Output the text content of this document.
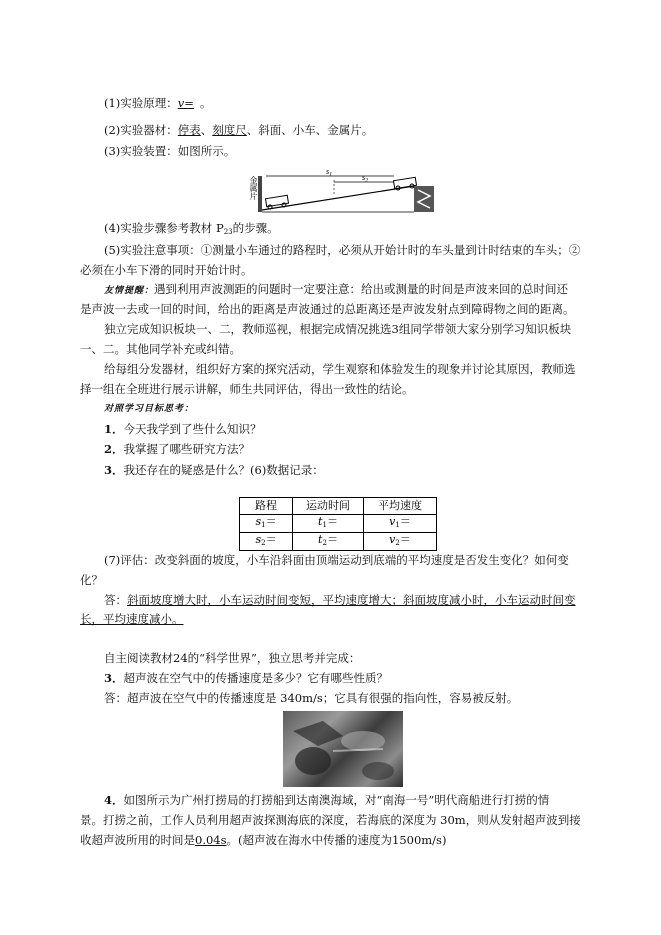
(1)实验原理：v= 。
(2)实验器材：停表、刻度尺、斜面、小车、金属片。
(3)实验装置：如图所示。
$s_1$	$s_2$
金属片
(4)实验步骤参考教材 $P_{23}$的步骤。
(5)实验注意事项：①测量小车通过的路程时，必须从开始计时的车头量到计时结束的车头；②
必须在小车下滑的同时开始计时。
友情提醒：遇到利用声波测距的问题时一定要注意：给出或测量的时间是声波来回的总时间还
是声波一去或一回的时间，给出的距离是声波通过的总距离还是声波发射点到障碍物之间的距离。
独立完成知识板块一、二，教师巡视，根据完成情况挑选3组同学带领大家分别学习知识板块
一、二。其他同学补充或纠错。
给每组分发器材，组织好方案的探究活动，学生观察和体验发生的现象并讨论其原因，教师选
择一组在全班进行展示讲解，师生共同评估，得出一致性的结论。
对照学习目标思考：
1．今天我学到了些什么知识？
2．我掌握了哪些研究方法？
3．我还存在的疑惑是什么？(6)数据记录：
路程	运动时间	平均速度
$s_1=$	$t_1=$	$v_1=$
$s_2=$	$t_2=$	$v_2=$
(7)评估：改变斜面的坡度，小车沿斜面由顶端运动到底端的平均速度是否发生变化？如何变
化？
答：斜面坡度增大时，小车运动时间变短，平均速度增大；斜面坡度减小时，小车运动时间变
长，平均速度减小。
自主阅读教材24的“科学世界”，独立思考并完成：
3．超声波在空气中的传播速度是多少？它有哪些性质？
答：超声波在空气中的传播速度是 340m/s；它具有很强的指向性，容易被反射。
4．如图所示为广州打捞局的打捞船到达南澳海域，对“南海一号”明代商船进行打捞的情
景。打捞之前，工作人员利用超声波探测海底的深度，若海底的深度为 30m，则从发射超声波到接
收超声波所用的时间是0.04s。(超声波在海水中传播的速度为1500m/s)
